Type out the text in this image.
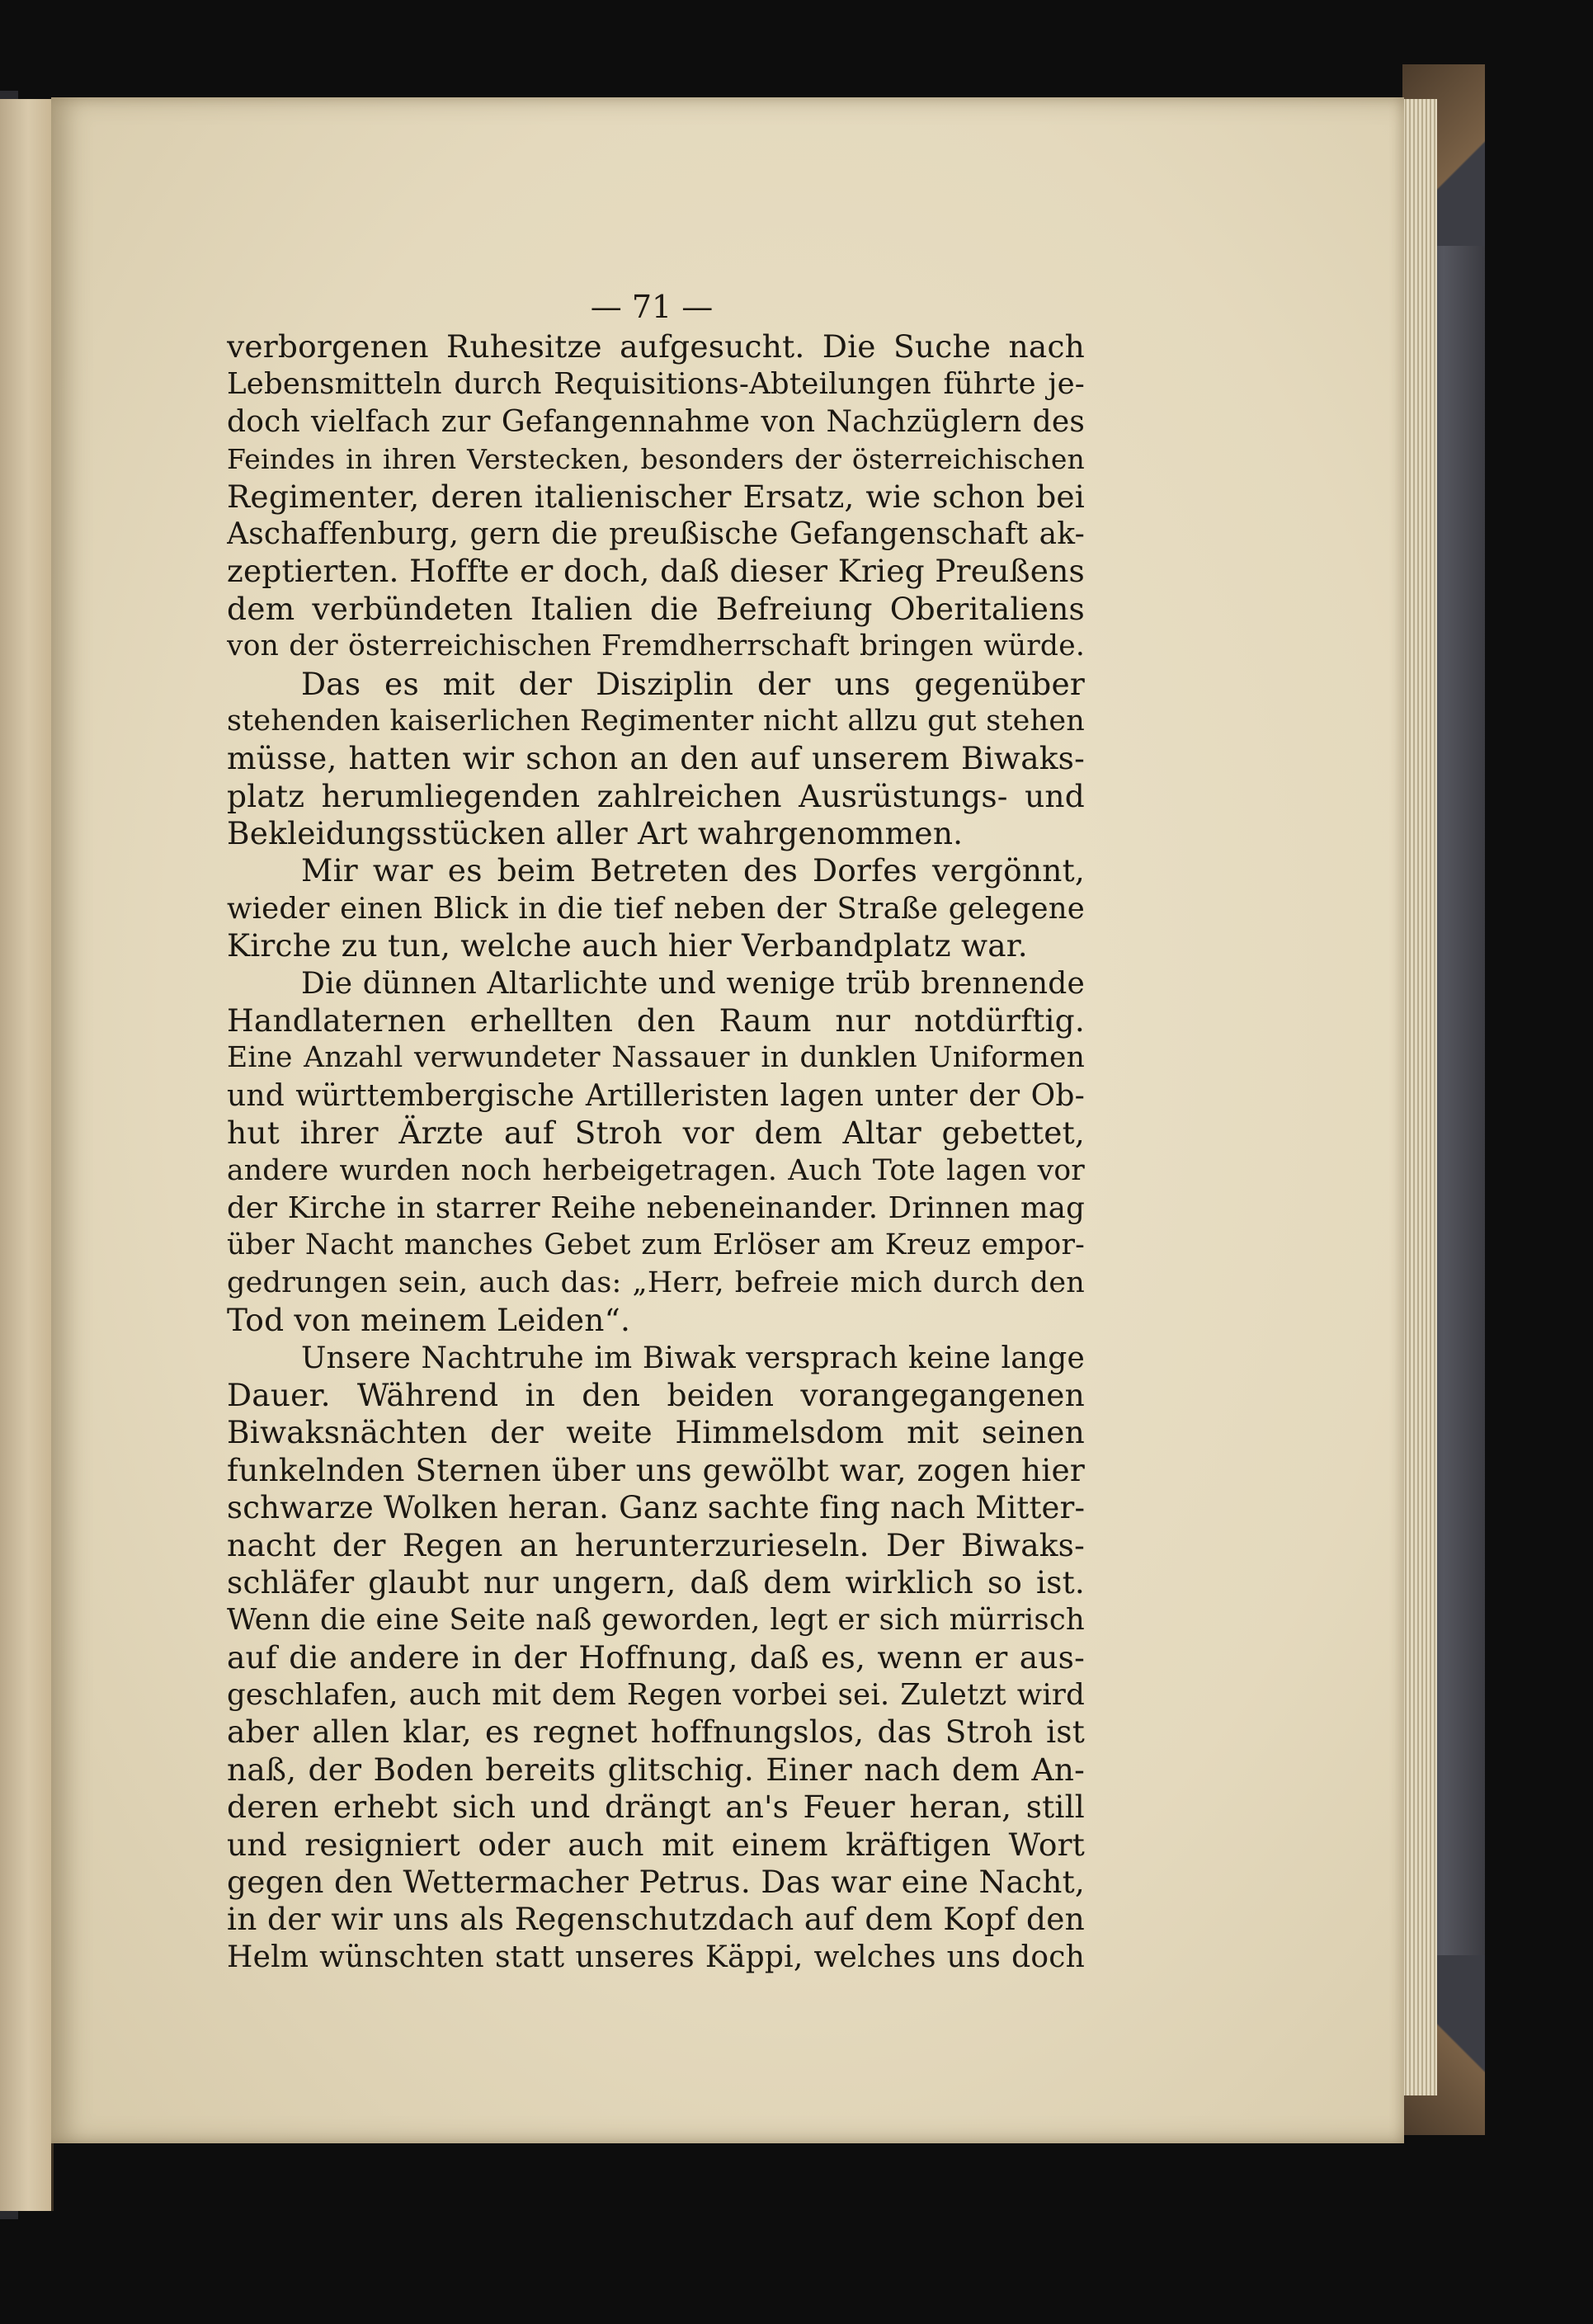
— 71 —
verborgenen Ruhesitze aufgesucht. Die Suche nach
Lebensmitteln durch Requisitions-Abteilungen führte je-
doch vielfach zur Gefangennahme von Nachzüglern des
Feindes in ihren Verstecken, besonders der österreichischen
Regimenter, deren italienischer Ersatz, wie schon bei
Aschaffenburg, gern die preußische Gefangenschaft ak-
zeptierten. Hoffte er doch, daß dieser Krieg Preußens
dem verbündeten Italien die Befreiung Oberitaliens
von der österreichischen Fremdherrschaft bringen würde.
Das es mit der Disziplin der uns gegenüber
stehenden kaiserlichen Regimenter nicht allzu gut stehen
müsse, hatten wir schon an den auf unserem Biwaks-
platz herumliegenden zahlreichen Ausrüstungs- und
Bekleidungsstücken aller Art wahrgenommen.
Mir war es beim Betreten des Dorfes vergönnt,
wieder einen Blick in die tief neben der Straße gelegene
Kirche zu tun, welche auch hier Verbandplatz war.
Die dünnen Altarlichte und wenige trüb brennende
Handlaternen erhellten den Raum nur notdürftig.
Eine Anzahl verwundeter Nassauer in dunklen Uniformen
und württembergische Artilleristen lagen unter der Ob-
hut ihrer Ärzte auf Stroh vor dem Altar gebettet,
andere wurden noch herbeigetragen. Auch Tote lagen vor
der Kirche in starrer Reihe nebeneinander. Drinnen mag
über Nacht manches Gebet zum Erlöser am Kreuz empor-
gedrungen sein, auch das: „Herr, befreie mich durch den
Tod von meinem Leiden“.
Unsere Nachtruhe im Biwak versprach keine lange
Dauer. Während in den beiden vorangegangenen
Biwaksnächten der weite Himmelsdom mit seinen
funkelnden Sternen über uns gewölbt war, zogen hier
schwarze Wolken heran. Ganz sachte fing nach Mitter-
nacht der Regen an herunterzurieseln. Der Biwaks-
schläfer glaubt nur ungern, daß dem wirklich so ist.
Wenn die eine Seite naß geworden, legt er sich mürrisch
auf die andere in der Hoffnung, daß es, wenn er aus-
geschlafen, auch mit dem Regen vorbei sei. Zuletzt wird
aber allen klar, es regnet hoffnungslos, das Stroh ist
naß, der Boden bereits glitschig. Einer nach dem An-
deren erhebt sich und drängt an's Feuer heran, still
und resigniert oder auch mit einem kräftigen Wort
gegen den Wettermacher Petrus. Das war eine Nacht,
in der wir uns als Regenschutzdach auf dem Kopf den
Helm wünschten statt unseres Käppi, welches uns doch
